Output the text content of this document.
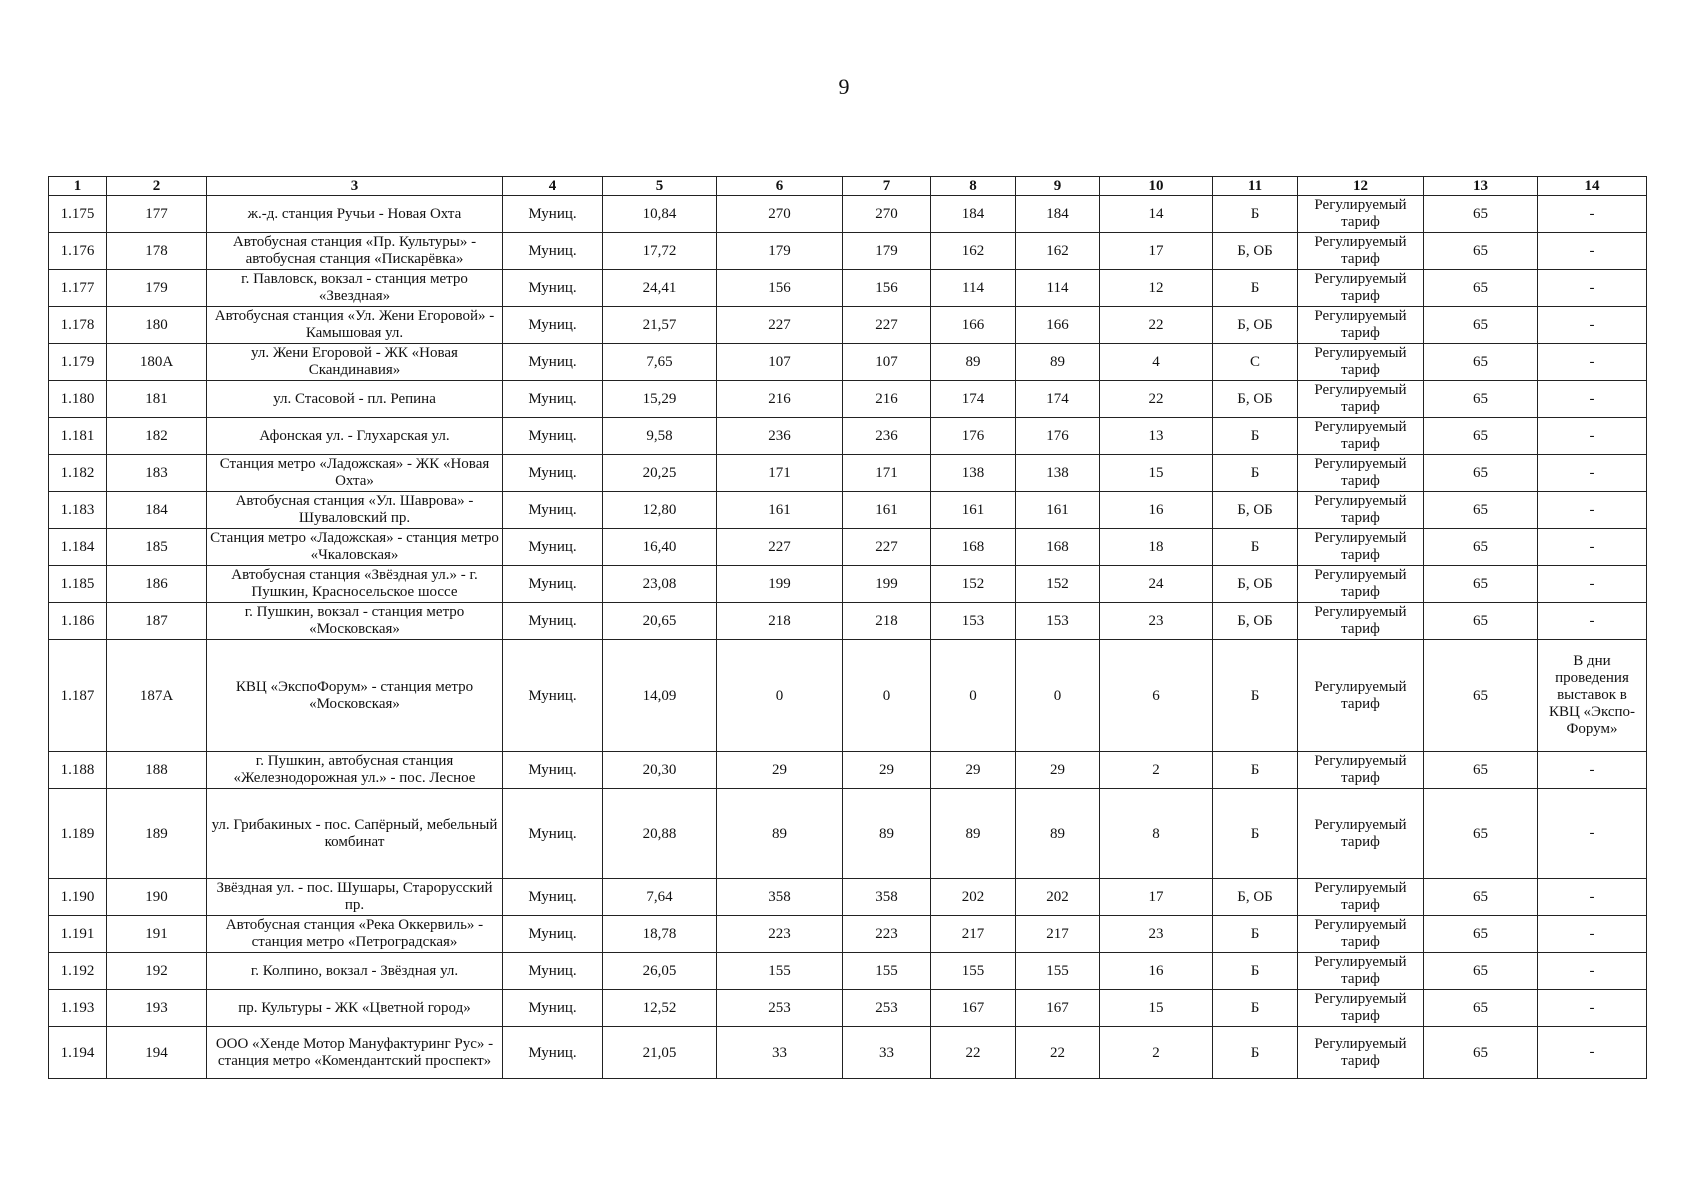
9
1	2	3	4	5	6	7	8	9	10	11	12	13	14
1.175	177	ж.-д. станция Ручьи - Новая Охта	Муниц.	10,84	270	270	184	184	14	Б	Регулируемый тариф	65	-
1.176	178	Автобусная станция «Пр. Культуры» - автобусная станция «Пискарёвка»	Муниц.	17,72	179	179	162	162	17	Б, ОБ	Регулируемый тариф	65	-
1.177	179	г. Павловск, вокзал - станция метро «Звездная»	Муниц.	24,41	156	156	114	114	12	Б	Регулируемый тариф	65	-
1.178	180	Автобусная станция «Ул. Жени Егоровой» - Камышовая ул.	Муниц.	21,57	227	227	166	166	22	Б, ОБ	Регулируемый тариф	65	-
1.179	180А	ул. Жени Егоровой - ЖК «Новая Скандинавия»	Муниц.	7,65	107	107	89	89	4	С	Регулируемый тариф	65	-
1.180	181	ул. Стасовой - пл. Репина	Муниц.	15,29	216	216	174	174	22	Б, ОБ	Регулируемый тариф	65	-
1.181	182	Афонская ул. - Глухарская ул.	Муниц.	9,58	236	236	176	176	13	Б	Регулируемый тариф	65	-
1.182	183	Станция метро «Ладожская» - ЖК «Новая Охта»	Муниц.	20,25	171	171	138	138	15	Б	Регулируемый тариф	65	-
1.183	184	Автобусная станция «Ул. Шаврова» - Шуваловский пр.	Муниц.	12,80	161	161	161	161	16	Б, ОБ	Регулируемый тариф	65	-
1.184	185	Станция метро «Ладожская» - станция метро «Чкаловская»	Муниц.	16,40	227	227	168	168	18	Б	Регулируемый тариф	65	-
1.185	186	Автобусная станция «Звёздная ул.» - г. Пушкин, Красносельское шоссе	Муниц.	23,08	199	199	152	152	24	Б, ОБ	Регулируемый тариф	65	-
1.186	187	г. Пушкин, вокзал - станция метро «Московская»	Муниц.	20,65	218	218	153	153	23	Б, ОБ	Регулируемый тариф	65	-
1.187	187А	КВЦ «ЭкспоФорум» - станция метро «Московская»	Муниц.	14,09	0	0	0	0	6	Б	Регулируемый тариф	65	В дни проведения выставок в КВЦ «Экспо-Форум»
1.188	188	г. Пушкин, автобусная станция «Железнодорожная ул.» - пос. Лесное	Муниц.	20,30	29	29	29	29	2	Б	Регулируемый тариф	65	-
1.189	189	ул. Грибакиных - пос. Сапёрный, мебельный комбинат	Муниц.	20,88	89	89	89	89	8	Б	Регулируемый тариф	65	-
1.190	190	Звёздная ул. - пос. Шушары, Старорусский пр.	Муниц.	7,64	358	358	202	202	17	Б, ОБ	Регулируемый тариф	65	-
1.191	191	Автобусная станция «Река Оккервиль» - станция метро «Петроградская»	Муниц.	18,78	223	223	217	217	23	Б	Регулируемый тариф	65	-
1.192	192	г. Колпино, вокзал - Звёздная ул.	Муниц.	26,05	155	155	155	155	16	Б	Регулируемый тариф	65	-
1.193	193	пр. Культуры - ЖК «Цветной город»	Муниц.	12,52	253	253	167	167	15	Б	Регулируемый тариф	65	-
1.194	194	ООО «Хенде Мотор Мануфактуринг Рус» - станция метро «Комендантский проспект»	Муниц.	21,05	33	33	22	22	2	Б	Регулируемый тариф	65	-
